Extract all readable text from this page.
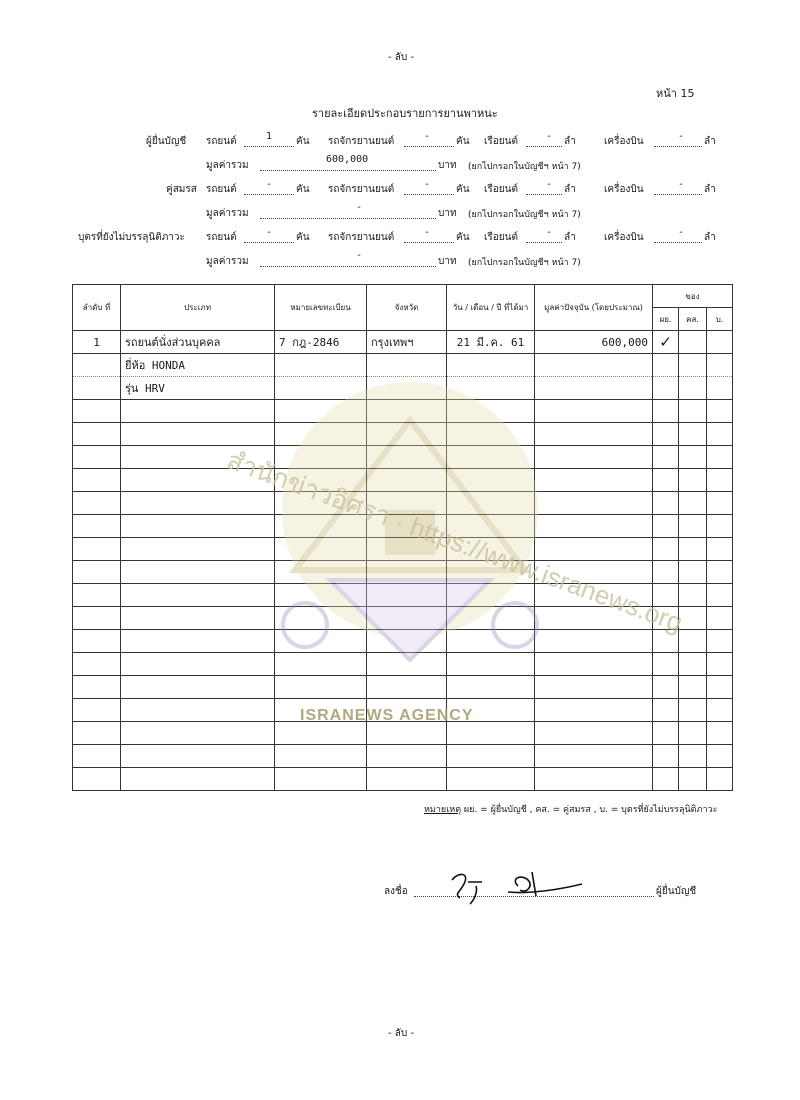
- ลับ -
หน้า 15
รายละเอียดประกอบรายการยานพาหนะ
ผู้ยื่นบัญชี รถยนต์	1 คัน รถจักรยานยนต์	-	คัน เรือยนต์	- ลำ	เครื่องบิน	- ลำ
มูลค่ารวม
600,000
บาท (ยกไปกรอกในบัญชีฯ หน้า 7)
คู่สมรส รถยนต์	- คัน รถจักรยานยนต์	-	คัน เรือยนต์	- ลำ	เครื่องบิน	- ลำ
มูลค่ารวม
-
บาท (ยกไปกรอกในบัญชีฯ หน้า 7)
บุตรที่ยังไม่บรรลุนิติภาวะ รถยนต์	- คัน รถจักรยานยนต์	-	คัน เรือยนต์	- ลำ	เครื่องบิน	- ลำ
มูลค่ารวม
-
บาท (ยกไปกรอกในบัญชีฯ หน้า 7)
ลำดับ ที่	ประเภท	หมายเลขทะเบียน	จังหวัด	วัน / เดือน / ปี ที่ได้มา	มูลค่าปัจจุบัน (โดยประมาณ)	ของ		
						ผย.	คส.	บ.
1	รถยนต์นั่งส่วนบุคคล	7 กฎ-2846	กรุงเทพฯ	21 มี.ค. 61	600,000	✓		
	ยี่ห้อ HONDA							
	รุ่น HRV							

สำนักข่าวอิศรา · https://www.isranews.org
ISRANEWS AGENCY
หมายเหตุ ผย. = ผู้ยื่นบัญชี , คส. = คู่สมรส , บ. = บุตรที่ยังไม่บรรลุนิติภาวะ
ลงชื่อ	ผู้ยื่นบัญชี
- ลับ -
